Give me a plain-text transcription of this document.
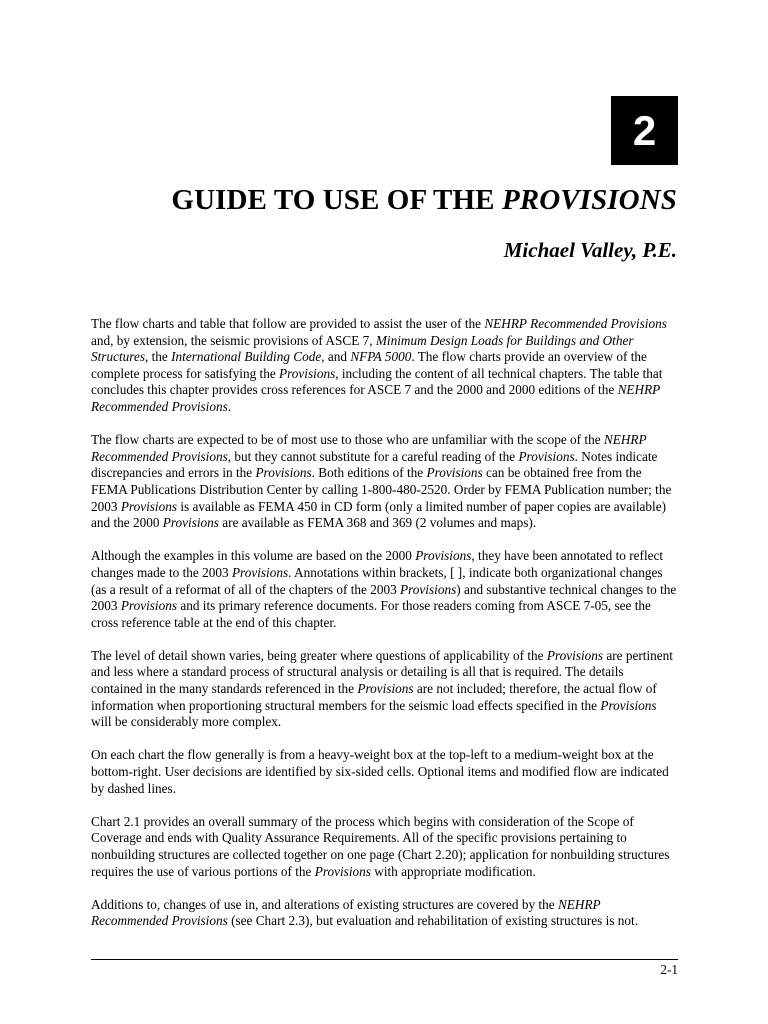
2
GUIDE TO USE OF THE PROVISIONS
Michael Valley, P.E.

The flow charts and table that follow are provided to assist the user of the NEHRP Recommended Provisions and, by extension, the seismic provisions of ASCE 7, Minimum Design Loads for Buildings and Other Structures, the International Building Code, and NFPA 5000. The flow charts provide an overview of the complete process for satisfying the Provisions, including the content of all technical chapters. The table that concludes this chapter provides cross references for ASCE 7 and the 2000 and 2000 editions of the NEHRP Recommended Provisions.

The flow charts are expected to be of most use to those who are unfamiliar with the scope of the NEHRP Recommended Provisions, but they cannot substitute for a careful reading of the Provisions. Notes indicate discrepancies and errors in the Provisions. Both editions of the Provisions can be obtained free from the FEMA Publications Distribution Center by calling 1-800-480-2520. Order by FEMA Publication number; the 2003 Provisions is available as FEMA 450 in CD form (only a limited number of paper copies are available) and the 2000 Provisions are available as FEMA 368 and 369 (2 volumes and maps).

Although the examples in this volume are based on the 2000 Provisions, they have been annotated to reflect changes made to the 2003 Provisions. Annotations within brackets, [ ], indicate both organizational changes (as a result of a reformat of all of the chapters of the 2003 Provisions) and substantive technical changes to the 2003 Provisions and its primary reference documents. For those readers coming from ASCE 7-05, see the cross reference table at the end of this chapter.

The level of detail shown varies, being greater where questions of applicability of the Provisions are pertinent and less where a standard process of structural analysis or detailing is all that is required. The details contained in the many standards referenced in the Provisions are not included; therefore, the actual flow of information when proportioning structural members for the seismic load effects specified in the Provisions will be considerably more complex.

On each chart the flow generally is from a heavy-weight box at the top-left to a medium-weight box at the bottom-right. User decisions are identified by six-sided cells. Optional items and modified flow are indicated by dashed lines.

Chart 2.1 provides an overall summary of the process which begins with consideration of the Scope of Coverage and ends with Quality Assurance Requirements. All of the specific provisions pertaining to nonbuilding structures are collected together on one page (Chart 2.20); application for nonbuilding structures requires the use of various portions of the Provisions with appropriate modification.

Additions to, changes of use in, and alterations of existing structures are covered by the NEHRP Recommended Provisions (see Chart 2.3), but evaluation and rehabilitation of existing structures is not.

2-1
